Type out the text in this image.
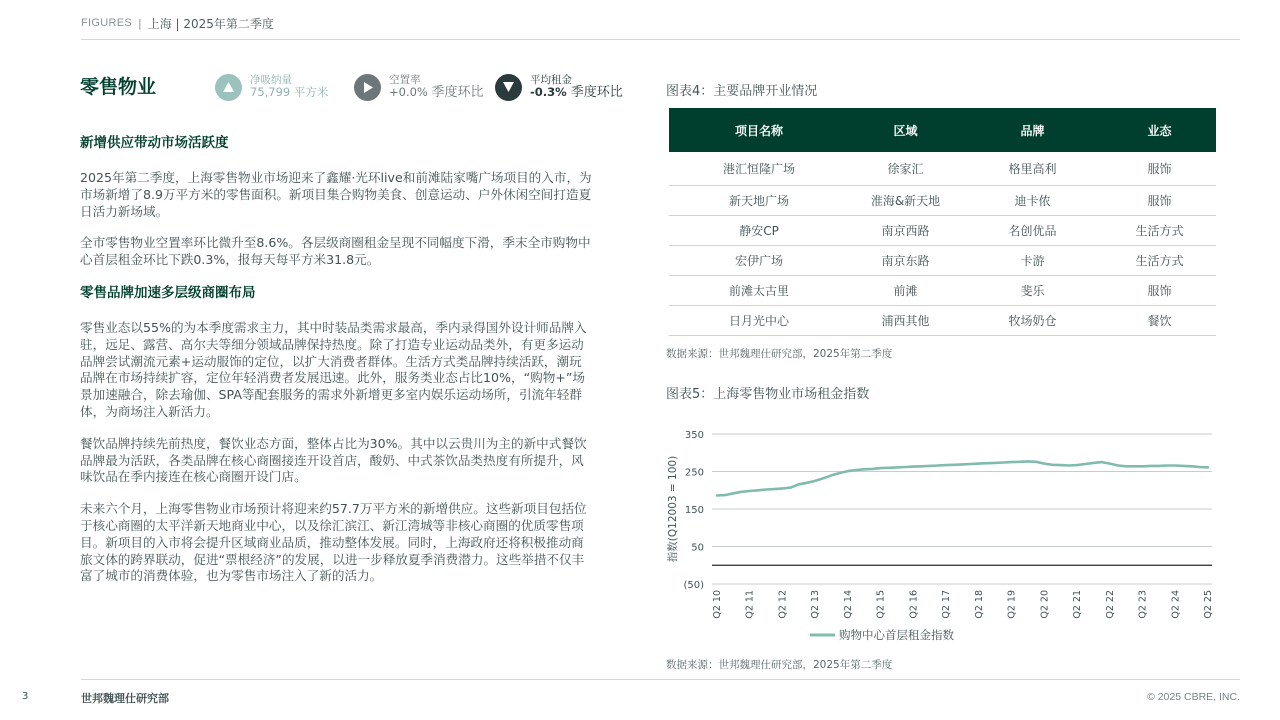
FIGURES | 上海 | 2025年第二季度
零售物业	净吸纳量
75,799 平方米
空置率
+0.0% 季度环比
平均租金
-0.3% 季度环比
新增供应带动市场活跃度

2025年第二季度，上海零售物业市场迎来了鑫耀·光环live和前滩陆家嘴广场项目的入市，为市场新增了8.9万平方米的零售面积。新项目集合购物美食、创意运动、户外休闲空间打造夏日活力新场域。

全市零售物业空置率环比微升至8.6%。各层级商圈租金呈现不同幅度下滑，季末全市购物中心首层租金环比下跌0.3%，报每天每平方米31.8元。

零售品牌加速多层级商圈布局

零售业态以55%的为本季度需求主力，其中时装品类需求最高，季内录得国外设计师品牌入驻，远足、露营、高尔夫等细分领域品牌保持热度。除了打造专业运动品类外，有更多运动品牌尝试潮流元素+运动服饰的定位，以扩大消费者群体。生活方式类品牌持续活跃，潮玩品牌在市场持续扩容，定位年轻消费者发展迅速。此外，服务类业态占比10%，“购物+”场景加速融合，除去瑜伽、SPA等配套服务的需求外新增更多室内娱乐运动场所，引流年轻群体，为商场注入新活力。

餐饮品牌持续先前热度，餐饮业态方面，整体占比为30%。其中以云贵川为主的新中式餐饮品牌最为活跃，各类品牌在核心商圈接连开设首店，酸奶、中式茶饮品类热度有所提升，风味饮品在季内接连在核心商圈开设门店。

未来六个月，上海零售物业市场预计将迎来约57.7万平方米的新增供应。这些新项目包括位于核心商圈的太平洋新天地商业中心，以及徐汇滨江、新江湾城等非核心商圈的优质零售项目。新项目的入市将会提升区域商业品质，推动整体发展。同时，上海政府还将积极推动商旅文体的跨界联动，促进“票根经济”的发展，以进一步释放夏季消费潜力。这些举措不仅丰富了城市的消费体验，也为零售市场注入了新的活力。

图表4：主要品牌开业情况
项目名称	区域	品牌	业态
港汇恒隆广场	徐家汇	格里高利	服饰
新天地广场	淮海&新天地	迪卡侬	服饰
静安CP	南京西路	名创优品	生活方式
宏伊广场	南京东路	卡游	生活方式
前滩太古里	前滩	斐乐	服饰
日月光中心	浦西其他	牧场奶仓	餐饮
数据来源：世邦魏理仕研究部，2025年第二季度
图表5：上海零售物业市场租金指数
(50)
50
150
250
350
指数(Q12003 = 100)
Q2 10 Q2 11 Q2 12 Q2 13 Q2 14 Q2 15 Q2 16 Q2 17 Q2 18 Q2 19 Q2 20 Q2 21 Q2 22 Q2 23 Q2 24 Q2 25
购物中心首层租金指数
数据来源：世邦魏理仕研究部，2025年第二季度
3	世邦魏理仕研究部	© 2025 CBRE, INC.
